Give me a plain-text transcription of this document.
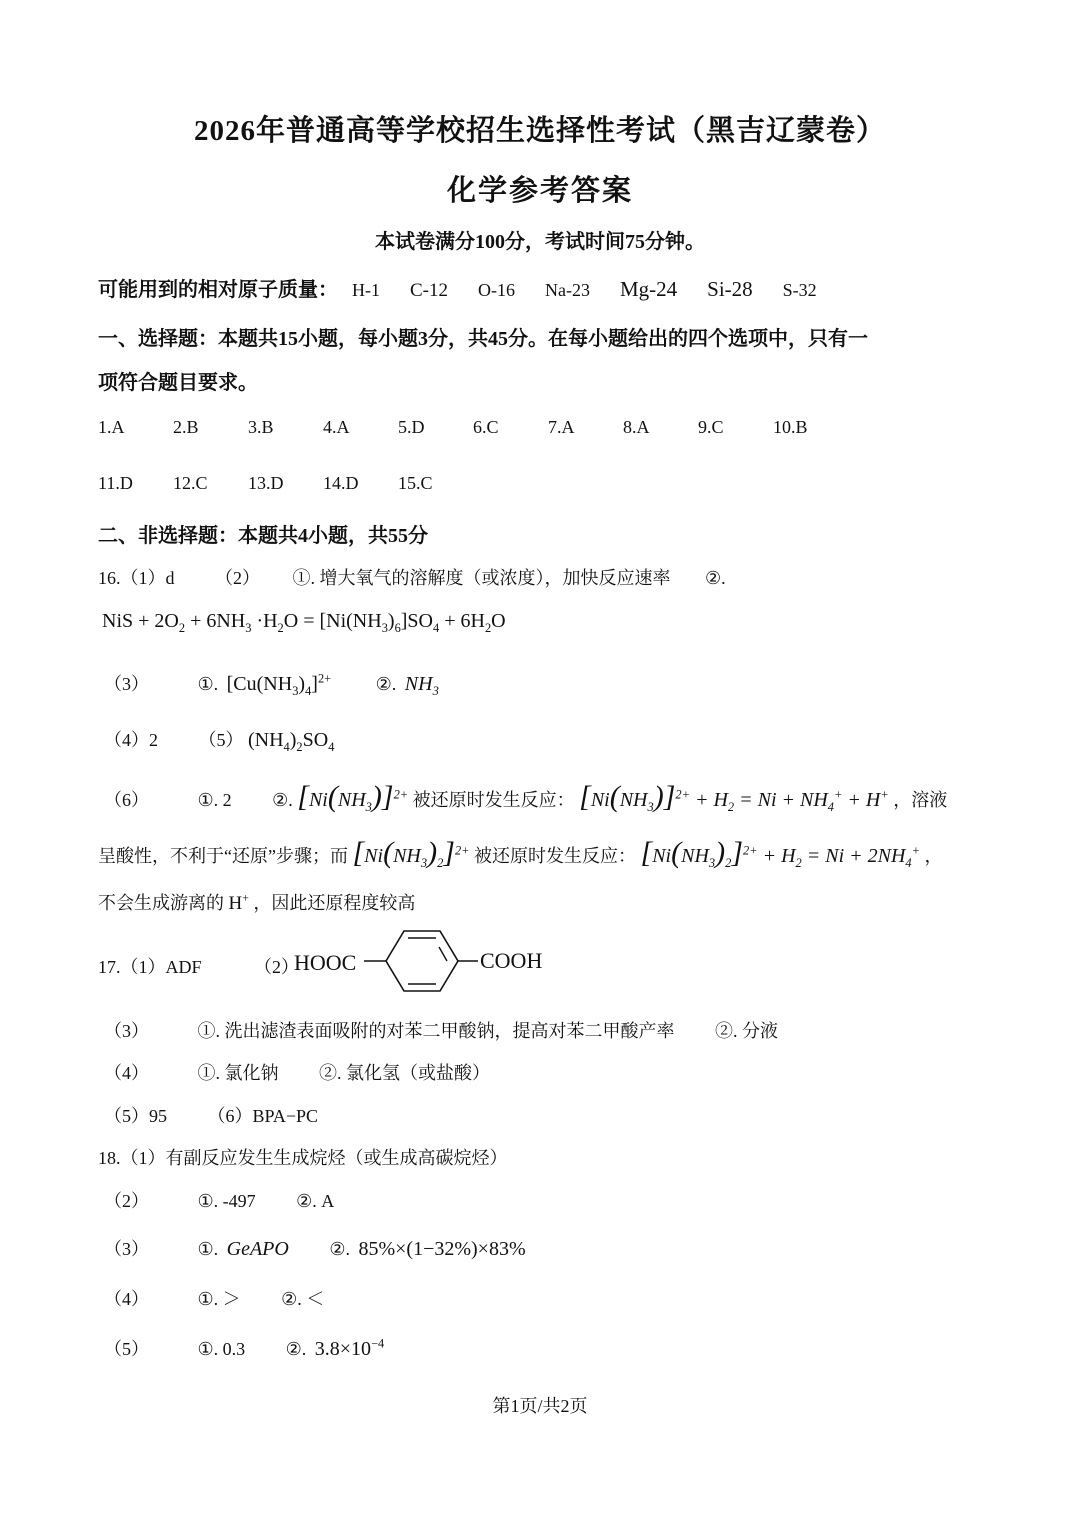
2026年普通高等学校招生选择性考试（黑吉辽蒙卷）
化学参考答案
本试卷满分100分，考试时间75分钟。
可能用到的相对原子质量： H-1 C-12 O-16 Na-23 Mg-24 Si-28 S-32
一、选择题：本题共15小题，每小题3分，共45分。在每小题给出的四个选项中，只有一
项符合题目要求。
1.A	2.B	3.B	4.A	5.D	6.C	7.A	8.A	9.C	10.B
11.D 12.C 13.D 14.D 15.C
二、非选择题：本题共4小题，共55分
16.（1）d （2） ①. 增大氧气的溶解度（或浓度），加快反应速率 ②.
NiS + $2O_2 + 6NH_3 \cdot H_2O = [Ni(NH_3)_6]SO_4 + 6H_2O$
（3）	①. $[Cu(NH_3)_4]^{2+}$ ②. $NH_3$
（4）2 （5） $(NH_4)_2SO_4$
（6）	①. 2 ②. $[Ni(NH_3)]^{2+}$ 被还原时发生反应： $[Ni(NH_3)]^{2+} + H_2 = Ni + NH_4^+ + H^+$ ，溶液
呈酸性，不利于“还原”步骤；而 $[Ni(NH_3)_2]^{2+}$ 被还原时发生反应： $[Ni(NH_3)_2]^{2+} + H_2 = Ni + 2NH_4^+$ ，
不会生成游离的 H+ ，因此还原程度较高
17.（1）ADF	（2）
HOOC	COOH
（3）	①. 洗出滤渣表面吸附的对苯二甲酸钠，提高对苯二甲酸产率 ②. 分液
（4）	①. 氯化钠 ②. 氯化氢（或盐酸）
（5）95 （6）BPA−PC
18.（1）有副反应发生生成烷烃（或生成高碳烷烃）
（2）	①. -497 ②. A
（3）	①. GeAPO ②. 85%×(1−32%)×83%
（4）	①. ＞ ②. ＜
（5）	①. 0.3 ②. $3.8\times 10^{-4}$
第1页/共2页
